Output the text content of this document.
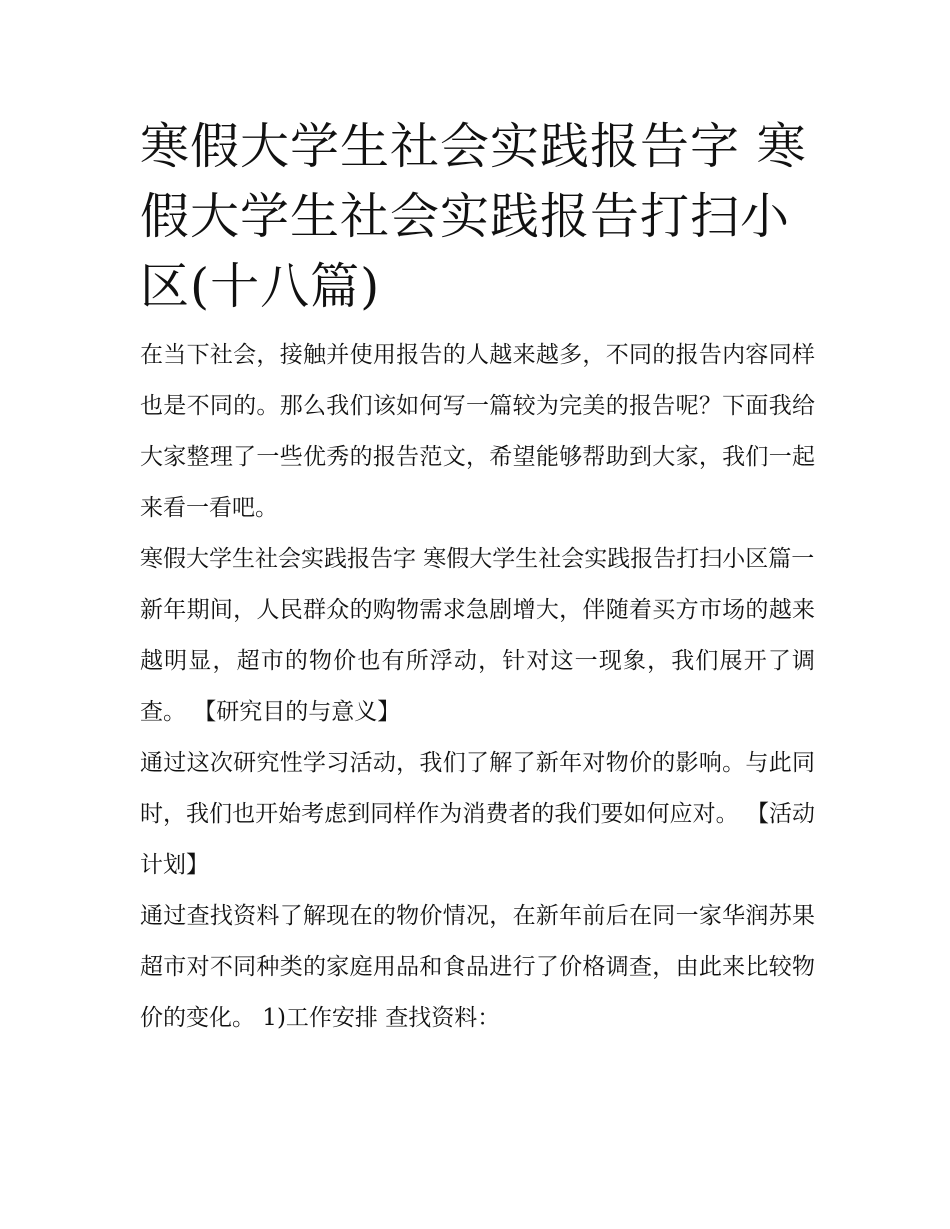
寒假大学生社会实践报告字 寒假大学生社会实践报告打扫小区(十八篇)

在当下社会，接触并使用报告的人越来越多，不同的报告内容同样也是不同的。那么我们该如何写一篇较为完美的报告呢？下面我给大家整理了一些优秀的报告范文，希望能够帮助到大家，我们一起来看一看吧。

寒假大学生社会实践报告字 寒假大学生社会实践报告打扫小区篇一

新年期间，人民群众的购物需求急剧增大，伴随着买方市场的越来越明显，超市的物价也有所浮动，针对这一现象，我们展开了调查。 【研究目的与意义】

通过这次研究性学习活动，我们了解了新年对物价的影响。与此同时，我们也开始考虑到同样作为消费者的我们要如何应对。 【活动计划】

通过查找资料了解现在的物价情况，在新年前后在同一家华润苏果超市对不同种类的家庭用品和食品进行了价格调查，由此来比较物价的变化。 1)工作安排 查找资料：
